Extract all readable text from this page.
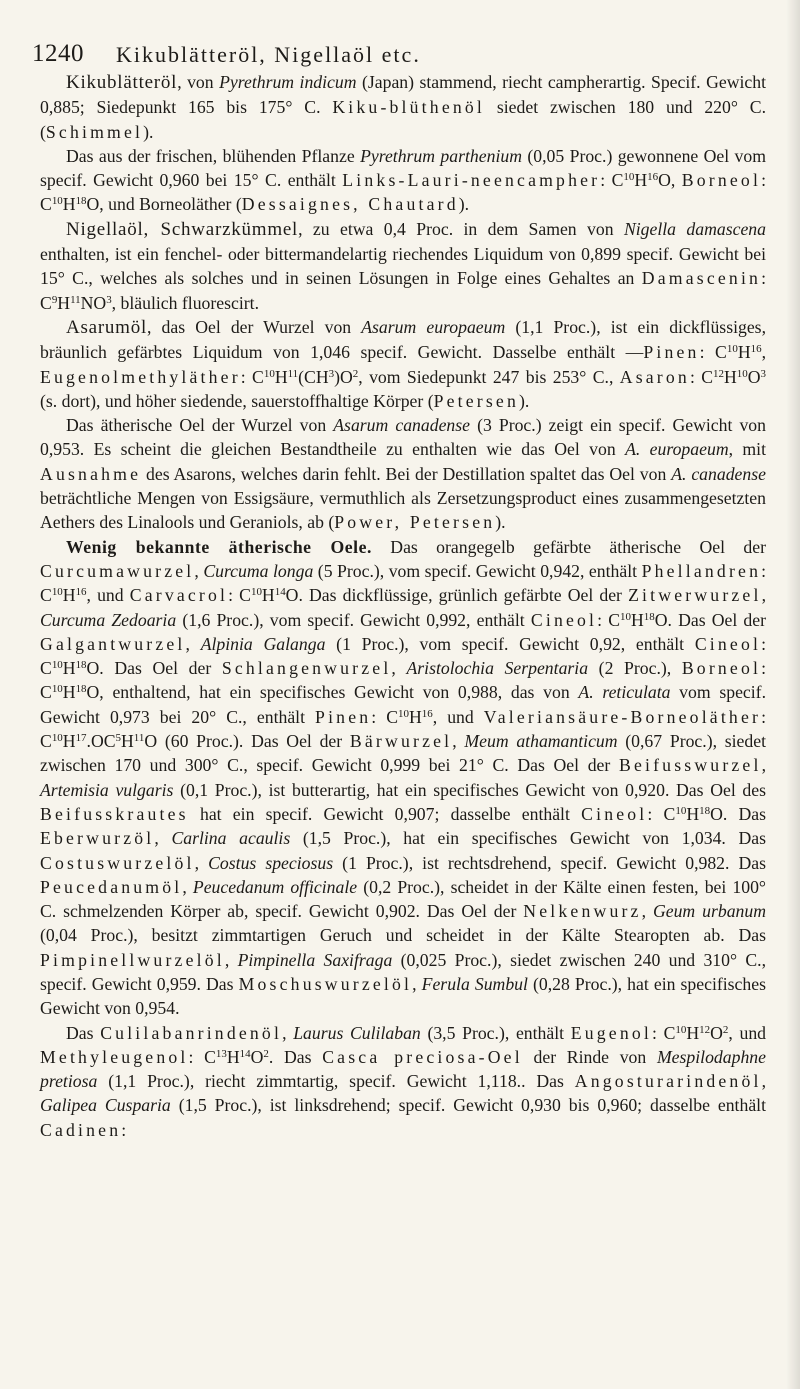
1240 Kikublätteröl, Nigellaöl etc.

Kikublätteröl, von Pyrethrum indicum (Japan) stammend, riecht campherartig. Specif. Gewicht 0,885; Siedepunkt 165 bis 175° C. Kiku-blüthenöl siedet zwischen 180 und 220° C. (Schimmel).

Das aus der frischen, blühenden Pflanze Pyrethrum parthenium (0,05 Proc.) gewonnene Oel vom specif. Gewicht 0,960 bei 15° C. enthält Links-Lauri-neencampher: $C^{10}H^{16}O$, Borneol: $C^{10}H^{18}O$, und Borneoläther (Dessaignes, Chautard).

Nigellaöl, Schwarzkümmel, zu etwa 0,4 Proc. in dem Samen von Nigella damascena enthalten, ist ein fenchel- oder bittermandelartig riechendes Liquidum von 0,899 specif. Gewicht bei 15° C., welches als solches und in seinen Lösungen in Folge eines Gehaltes an Damascenin: $C^9H^{11}NO^3$, bläulich fluorescirt.

Asarumöl, das Oel der Wurzel von Asarum europaeum (1,1 Proc.), ist ein dickflüssiges, bräunlich gefärbtes Liquidum von 1,046 specif. Gewicht. Dasselbe enthält —Pinen: $C^{10}H^{16}$, Eugenolmethyläther: $C^{10}H^{11}(CH^3)O^2$, vom Siedepunkt 247 bis 253° C., Asaron: $C^{12}H^{10}O^3$ (s. dort), und höher siedende, sauerstoffhaltige Körper (Petersen).

Das ätherische Oel der Wurzel von Asarum canadense (3 Proc.) zeigt ein specif. Gewicht von 0,953. Es scheint die gleichen Bestandtheile zu enthalten wie das Oel von A. europaeum, mit Ausnahme des Asarons, welches darin fehlt. Bei der Destillation spaltet das Oel von A. canadense beträchtliche Mengen von Essigsäure, vermuthlich als Zersetzungsproduct eines zusammengesetzten Aethers des Linalools und Geraniols, ab (Power, Petersen).

Wenig bekannte ätherische Oele. Das orangegelb gefärbte ätherische Oel der Curcumawurzel, Curcuma longa (5 Proc.), vom specif. Gewicht 0,942, enthält Phellandren: $C^{10}H^{16}$, und Carvacrol: $C^{10}H^{14}O$. Das dickflüssige, grünlich gefärbte Oel der Zitwerwurzel, Curcuma Zedoaria (1,6 Proc.), vom specif. Gewicht 0,992, enthält Cineol: $C^{10}H^{18}O$. Das Oel der Galgantwurzel, Alpinia Galanga (1 Proc.), vom specif. Gewicht 0,92, enthält Cineol: $C^{10}H^{18}O$. Das Oel der Schlangenwurzel, Aristolochia Serpentaria (2 Proc.), Borneol: $C^{10}H^{18}O$, enthaltend, hat ein specifisches Gewicht von 0,988, das von A. reticulata vom specif. Gewicht 0,973 bei 20° C., enthält Pinen: $C^{10}H^{16}$, und Valeriansäure-Borneoläther: $C^{10}H^{17}.OC^5H^{11}O$ (60 Proc.). Das Oel der Bärwurzel, Meum athamanticum (0,67 Proc.), siedet zwischen 170 und 300° C., specif. Gewicht 0,999 bei 21° C. Das Oel der Beifusswurzel, Artemisia vulgaris (0,1 Proc.), ist butterartig, hat ein specifisches Gewicht von 0,920. Das Oel des Beifusskrautes hat ein specif. Gewicht 0,907; dasselbe enthält Cineol: $C^{10}H^{18}O$. Das Eberwurzöl, Carlina acaulis (1,5 Proc.), hat ein specifisches Gewicht von 1,034. Das Costuswurzelöl, Costus speciosus (1 Proc.), ist rechtsdrehend, specif. Gewicht 0,982. Das Peucedanumöl, Peucedanum officinale (0,2 Proc.), scheidet in der Kälte einen festen, bei 100° C. schmelzenden Körper ab, specif. Gewicht 0,902. Das Oel der Nelkenwurz, Geum urbanum (0,04 Proc.), besitzt zimmtartigen Geruch und scheidet in der Kälte Stearopten ab. Das Pimpinellwurzelöl, Pimpinella Saxifraga (0,025 Proc.), siedet zwischen 240 und 310° C., specif. Gewicht 0,959. Das Moschuswurzelöl, Ferula Sumbul (0,28 Proc.), hat ein specifisches Gewicht von 0,954.

Das Culilabanrindenöl, Laurus Culilaban (3,5 Proc.), enthält Eugenol: $C^{10}H^{12}O^2$, und Methyleugenol: $C^{13}H^{14}O^2$. Das Casca preciosa-Oel der Rinde von Mespilodaphne pretiosa (1,1 Proc.), riecht zimmtartig, specif. Gewicht 1,118.. Das Angosturarindenöl, Galipea Cusparia (1,5 Proc.), ist linksdrehend; specif. Gewicht 0,930 bis 0,960; dasselbe enthält Cadinen:
